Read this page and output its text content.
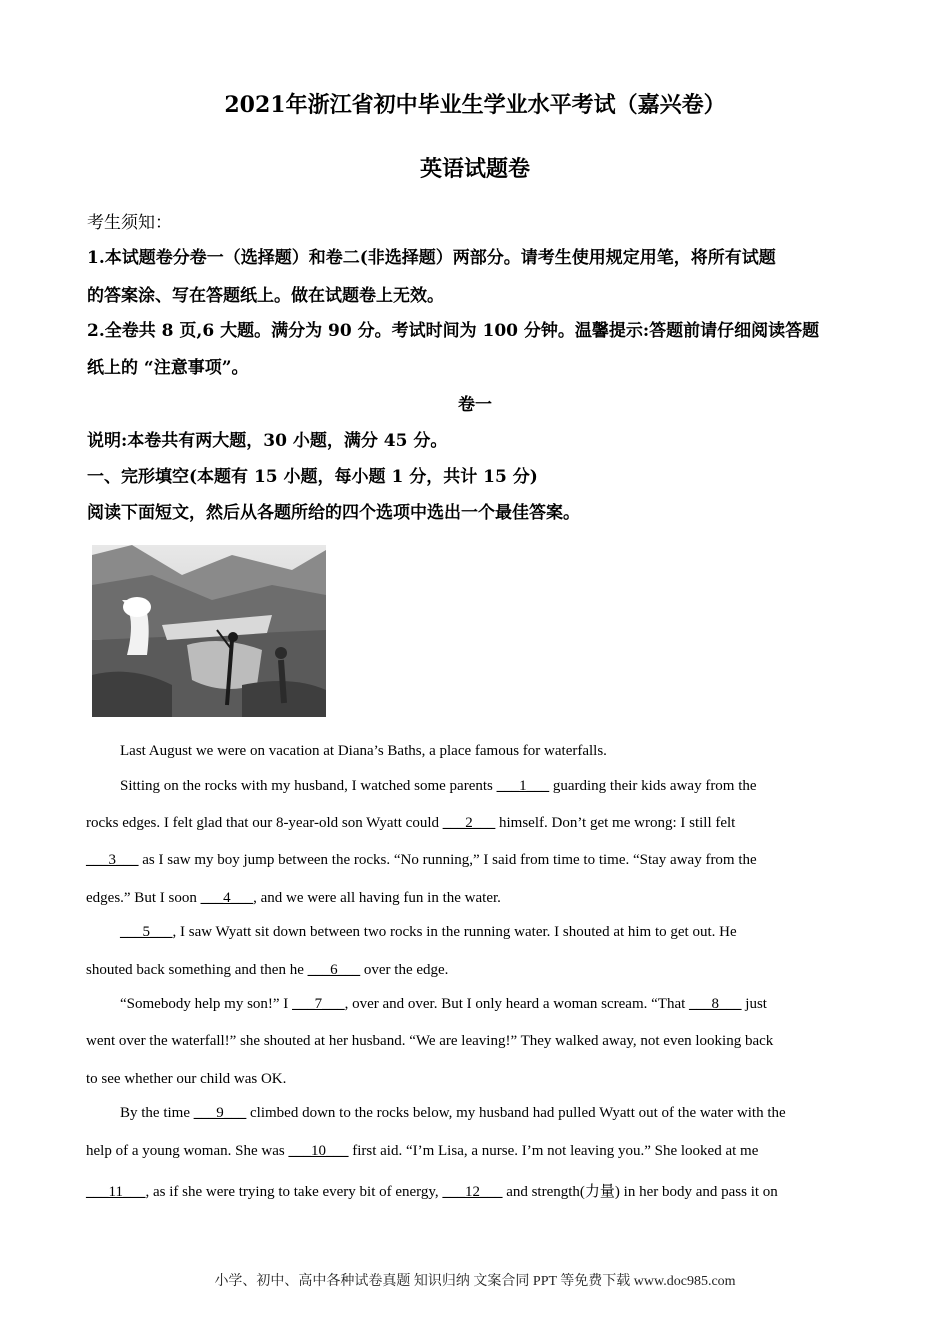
2021年浙江省初中毕业生学业水平考试（嘉兴卷）
英语试题卷
考生须知：
1.本试题卷分卷一（选择题）和卷二(非选择题）两部分。请考生使用规定用笔，将所有试题
的答案涂、写在答题纸上。做在试题卷上无效。
2.全卷共 8 页,6 大题。满分为 90 分。考试时间为 100 分钟。温馨提示:答题前请仔细阅读答题
纸上的 “注意事项”。
卷一
说明:本卷共有两大题，30 小题，满分 45 分。
一、完形填空(本题有 15 小题，每小题 1 分，共计 15 分)
阅读下面短文，然后从各题所给的四个选项中选出一个最佳答案。
Last August we were on vacation at Diana’s Baths, a place famous for waterfalls.
Sitting on the rocks with my husband, I watched some parents ___1___ guarding their kids away from the
rocks edges. I felt glad that our 8-year-old son Wyatt could ___2___ himself. Don’t get me wrong: I still felt
___3___ as I saw my boy jump between the rocks. “No running,” I said from time to time. “Stay away from the
edges.” But I soon ___4___, and we were all having fun in the water.
___5___, I saw Wyatt sit down between two rocks in the running water. I shouted at him to get out. He
shouted back something and then he ___6___ over the edge.
“Somebody help my son!” I ___7___, over and over. But I only heard a woman scream. “That ___8___ just
went over the waterfall!” she shouted at her husband. “We are leaving!” They walked away, not even looking back
to see whether our child was OK.
By the time ___9___ climbed down to the rocks below, my husband had pulled Wyatt out of the water with the
help of a young woman. She was ___10___ first aid. “I’m Lisa, a nurse. I’m not leaving you.” She looked at me
___11___, as if she were trying to take every bit of energy, ___12___ and strength(力量) in her body and pass it on
小学、初中、高中各种试卷真题 知识归纳 文案合同 PPT 等免费下载 www.doc985.com
